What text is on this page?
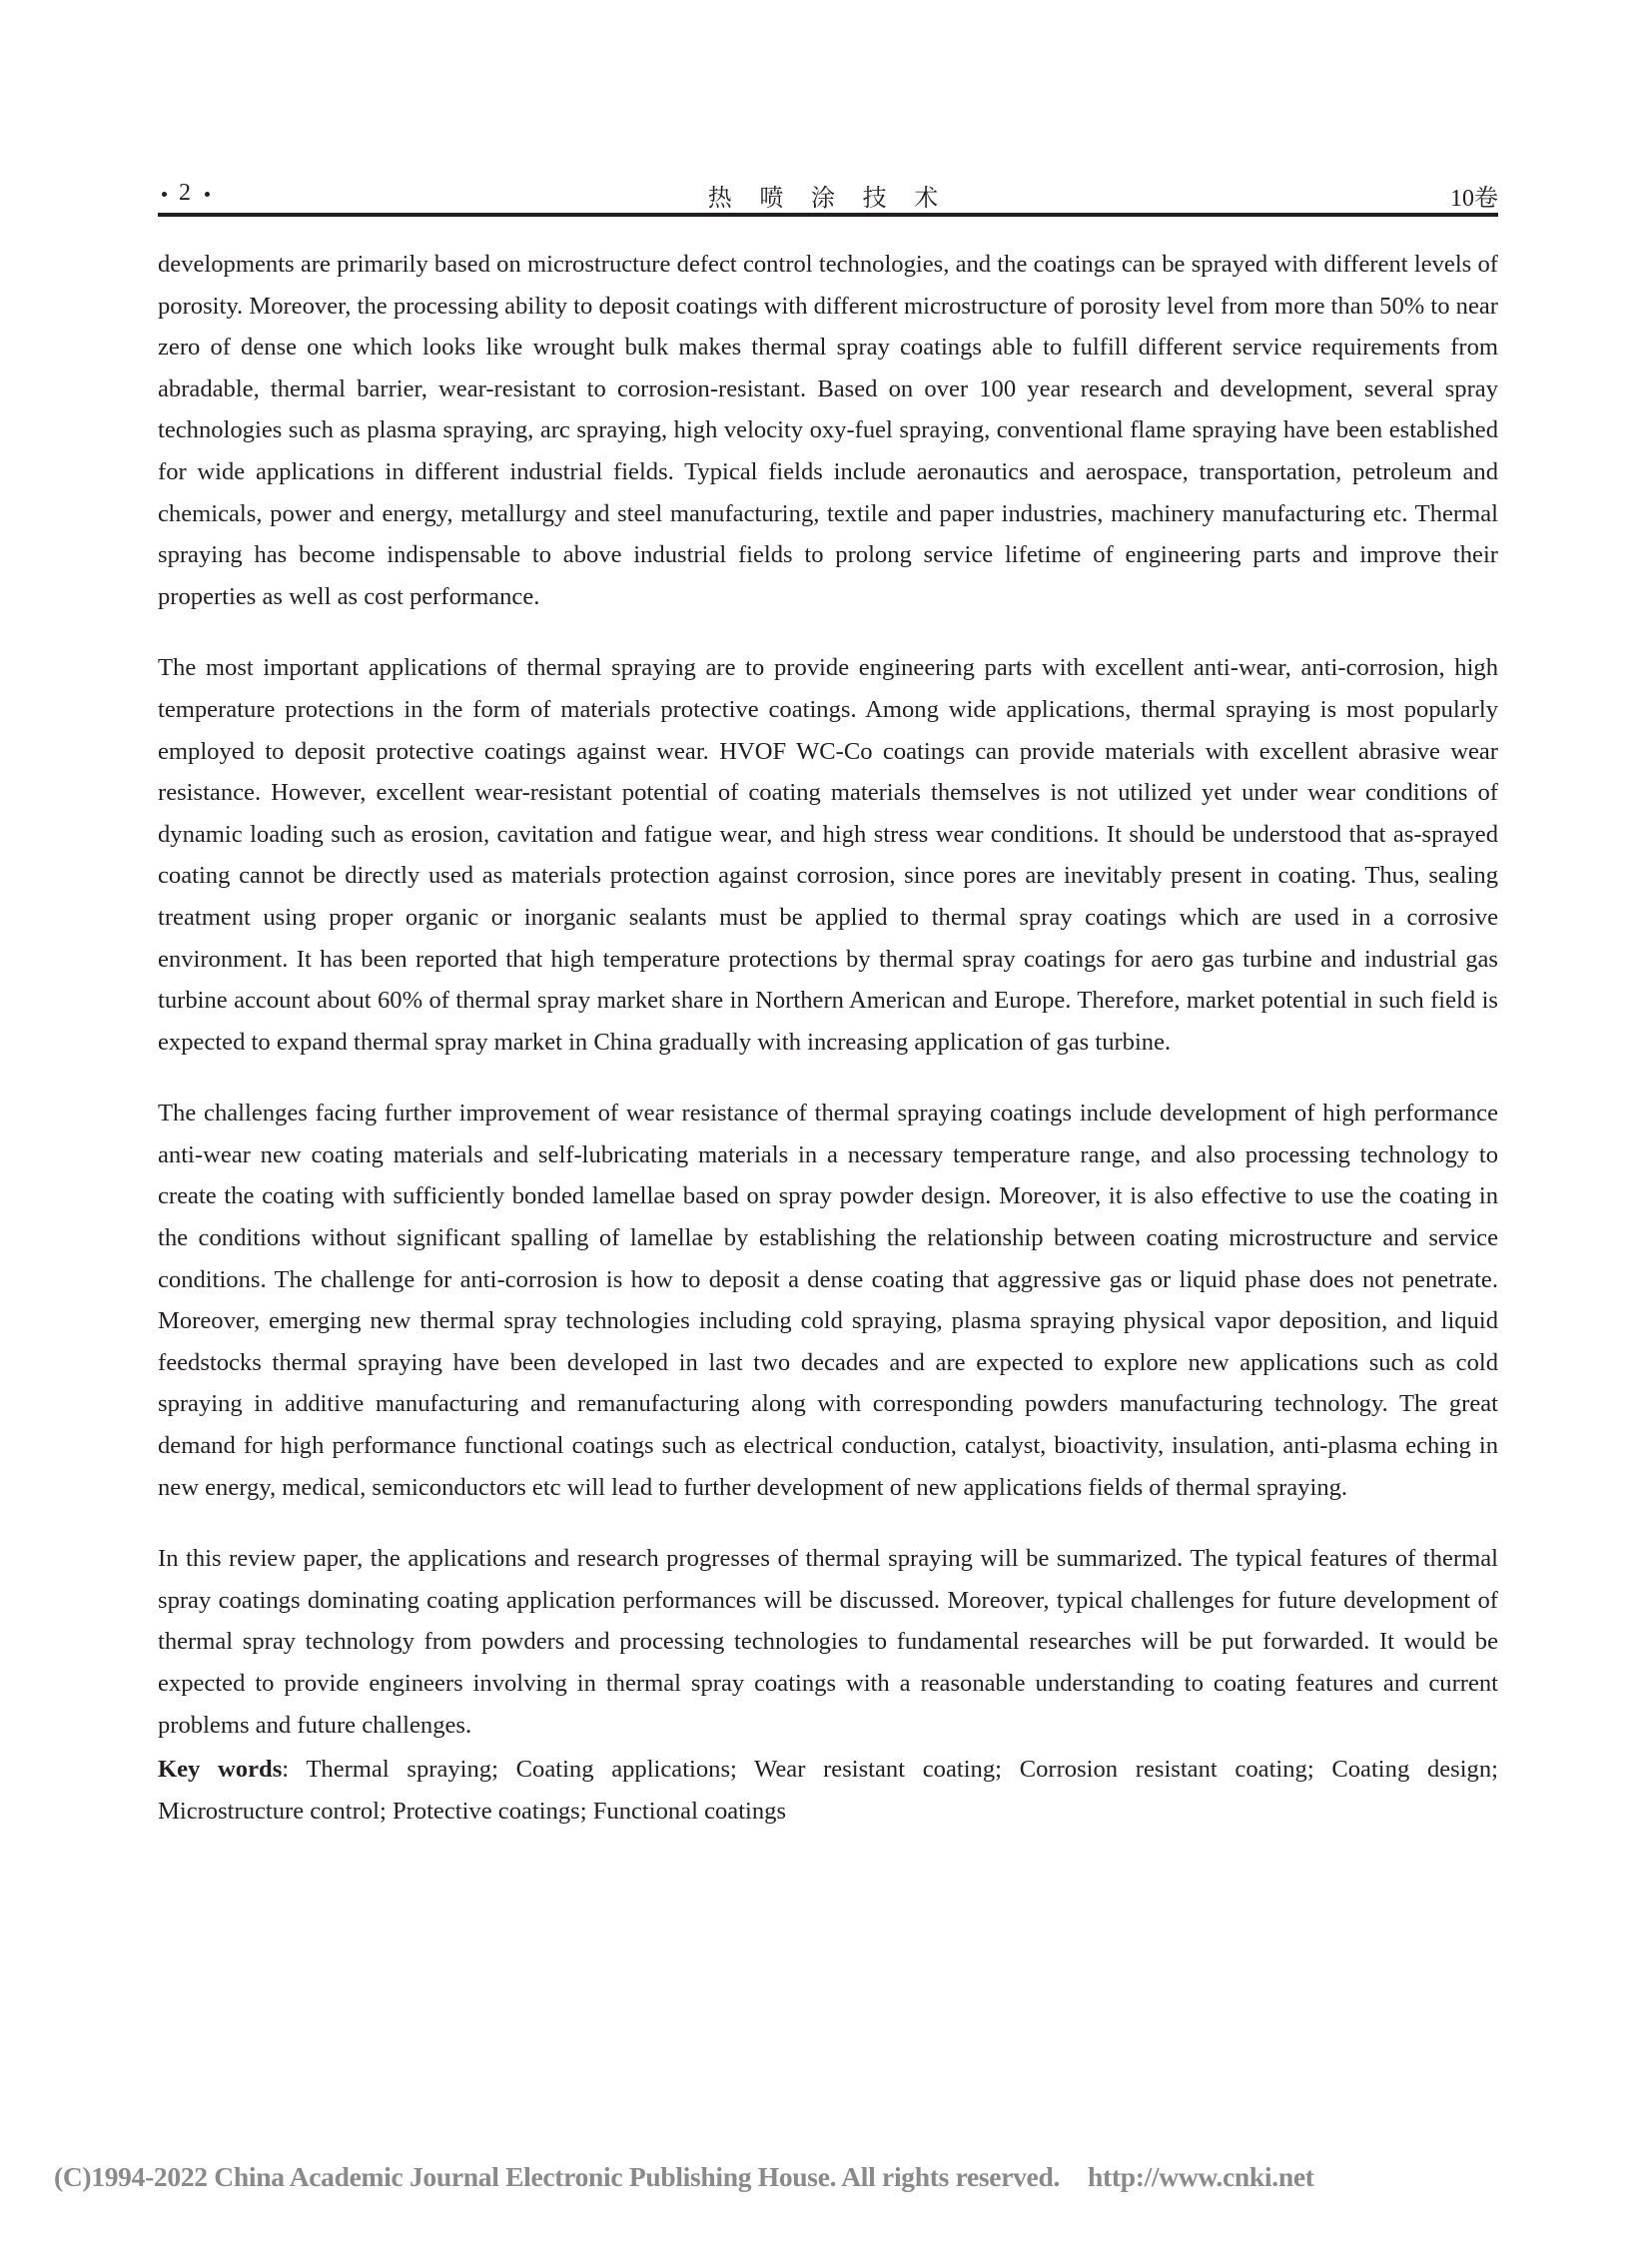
2	热 喷 涂 技 术	10卷

developments are primarily based on microstructure defect control technologies, and the coatings can be sprayed with different levels of porosity. Moreover, the processing ability to deposit coatings with different microstructure of porosity level from more than 50% to near zero of dense one which looks like wrought bulk makes thermal spray coatings able to fulfill different service requirements from abradable, thermal barrier, wear-resistant to corrosion-resistant. Based on over 100 year research and development, several spray technologies such as plasma spraying, arc spraying, high velocity oxy-fuel spraying, conventional flame spraying have been established for wide applications in different industrial fields. Typical fields include aeronautics and aerospace, transportation, petroleum and chemicals, power and energy, metallurgy and steel manufacturing, textile and paper industries, machinery manufacturing etc. Thermal spraying has become indispensable to above industrial fields to prolong service lifetime of engineering parts and improve their properties as well as cost performance.

The most important applications of thermal spraying are to provide engineering parts with excellent anti-wear, anti-corrosion, high temperature protections in the form of materials protective coatings. Among wide applications, thermal spraying is most popularly employed to deposit protective coatings against wear. HVOF WC-Co coatings can provide materials with excellent abrasive wear resistance. However, excellent wear-resistant potential of coating materials themselves is not utilized yet under wear conditions of dynamic loading such as erosion, cavitation and fatigue wear, and high stress wear conditions. It should be understood that as-sprayed coating cannot be directly used as materials protection against corrosion, since pores are inevitably present in coating. Thus, sealing treatment using proper organic or inorganic sealants must be applied to thermal spray coatings which are used in a corrosive environment. It has been reported that high temperature protections by thermal spray coatings for aero gas turbine and industrial gas turbine account about 60% of thermal spray market share in Northern American and Europe. Therefore, market potential in such field is expected to expand thermal spray market in China gradually with increasing application of gas turbine.

The challenges facing further improvement of wear resistance of thermal spraying coatings include development of high performance anti-wear new coating materials and self-lubricating materials in a necessary temperature range, and also processing technology to create the coating with sufficiently bonded lamellae based on spray powder design. Moreover, it is also effective to use the coating in the conditions without significant spalling of lamellae by establishing the relationship between coating microstructure and service conditions. The challenge for anti-corrosion is how to deposit a dense coating that aggressive gas or liquid phase does not penetrate. Moreover, emerging new thermal spray technologies including cold spraying, plasma spraying physical vapor deposition, and liquid feedstocks thermal spraying have been developed in last two decades and are expected to explore new applications such as cold spraying in additive manufacturing and remanufacturing along with corresponding powders manufacturing technology. The great demand for high performance functional coatings such as electrical conduction, catalyst, bioactivity, insulation, anti-plasma eching in new energy, medical, semiconductors etc will lead to further development of new applications fields of thermal spraying.

In this review paper, the applications and research progresses of thermal spraying will be summarized. The typical features of thermal spray coatings dominating coating application performances will be discussed. Moreover, typical challenges for future development of thermal spray technology from powders and processing technologies to fundamental researches will be put forwarded. It would be expected to provide engineers involving in thermal spray coatings with a reasonable understanding to coating features and current problems and future challenges.

Key words: Thermal spraying; Coating applications; Wear resistant coating; Corrosion resistant coating; Coating design; Microstructure control; Protective coatings; Functional coatings

(C)1994-2022 China Academic Journal Electronic Publishing House. All rights reserved. http://www.cnki.net
